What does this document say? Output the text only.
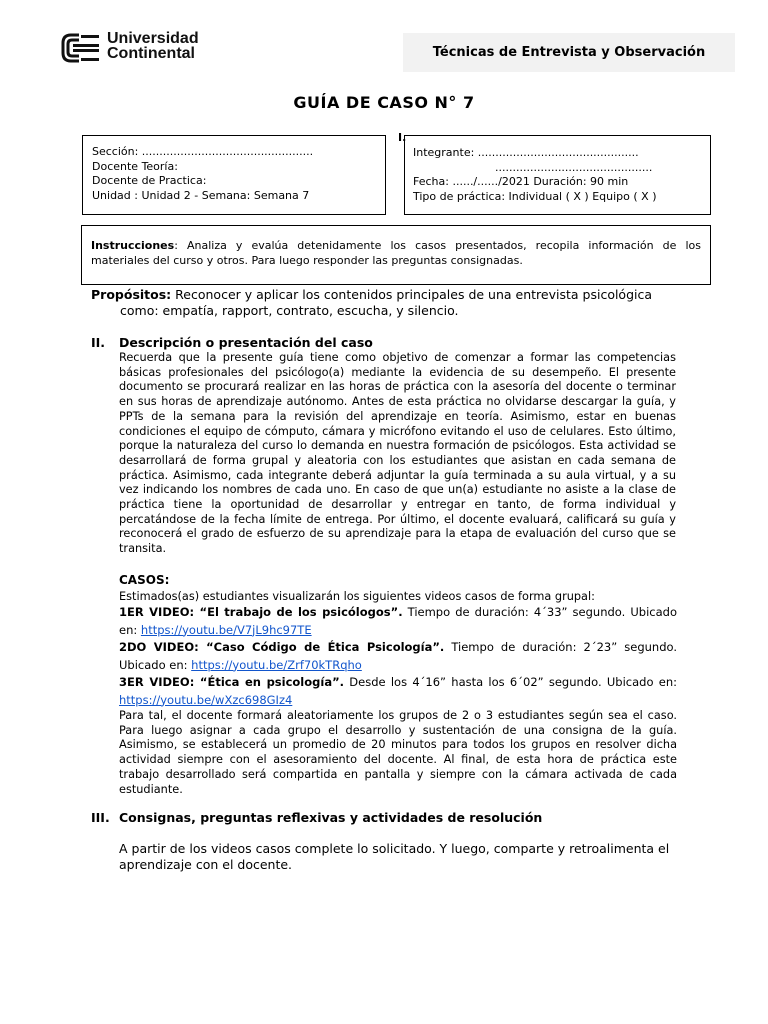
Universidad
Continental	Técnicas de Entrevista y Observación
GUÍA DE CASO N° 7
I.
Sección: .................................................
Docente Teoría:
Docente de Practica:
Unidad : Unidad 2 - Semana: Semana 7
Integrante: ..............................................
.............................................
Fecha: ....../....../2021 Duración: 90 min
Tipo de práctica: Individual ( X ) Equipo ( X )
Instrucciones: Analiza y evalúa detenidamente los casos presentados, recopila información de los materiales del curso y otros. Para luego responder las preguntas consignadas.
Propósitos: Reconocer y aplicar los contenidos principales de una entrevista psicológica
como: empatía, rapport, contrato, escucha, y silencio.
II. Descripción o presentación del caso
Recuerda que la presente guía tiene como objetivo de comenzar a formar las competencias básicas profesionales del psicólogo(a) mediante la evidencia de su desempeño. El presente documento se procurará realizar en las horas de práctica con la asesoría del docente o terminar en sus horas de aprendizaje autónomo. Antes de esta práctica no olvidarse descargar la guía, y PPTs de la semana para la revisión del aprendizaje en teoría. Asimismo, estar en buenas condiciones el equipo de cómputo, cámara y micrófono evitando el uso de celulares. Esto último, porque la naturaleza del curso lo demanda en nuestra formación de psicólogos. Esta actividad se desarrollará de forma grupal y aleatoria con los estudiantes que asistan en cada semana de práctica. Asimismo, cada integrante deberá adjuntar la guía terminada a su aula virtual, y a su vez indicando los nombres de cada uno. En caso de que un(a) estudiante no asiste a la clase de práctica tiene la oportunidad de desarrollar y entregar en tanto, de forma individual y percatándose de la fecha límite de entrega. Por último, el docente evaluará, calificará su guía y reconocerá el grado de esfuerzo de su aprendizaje para la etapa de evaluación del curso que se transita.
CASOS:
Estimados(as) estudiantes visualizarán los siguientes videos casos de forma grupal:
1ER VIDEO: “El trabajo de los psicólogos”. Tiempo de duración: 4´33” segundo. Ubicado en: https://youtu.be/V7jL9hc97TE
2DO VIDEO: “Caso Código de Ética Psicología”. Tiempo de duración: 2´23” segundo. Ubicado en: https://youtu.be/Zrf70kTRqho
3ER VIDEO: “Ética en psicología”. Desde los 4´16” hasta los 6´02” segundo. Ubicado en: https://youtu.be/wXzc698GIz4
Para tal, el docente formará aleatoriamente los grupos de 2 o 3 estudiantes según sea el caso. Para luego asignar a cada grupo el desarrollo y sustentación de una consigna de la guía. Asimismo, se establecerá un promedio de 20 minutos para todos los grupos en resolver dicha actividad siempre con el asesoramiento del docente. Al final, de esta hora de práctica este trabajo desarrollado será compartida en pantalla y siempre con la cámara activada de cada estudiante.
III. Consignas, preguntas reflexivas y actividades de resolución
A partir de los videos casos complete lo solicitado. Y luego, comparte y retroalimenta el aprendizaje con el docente.
